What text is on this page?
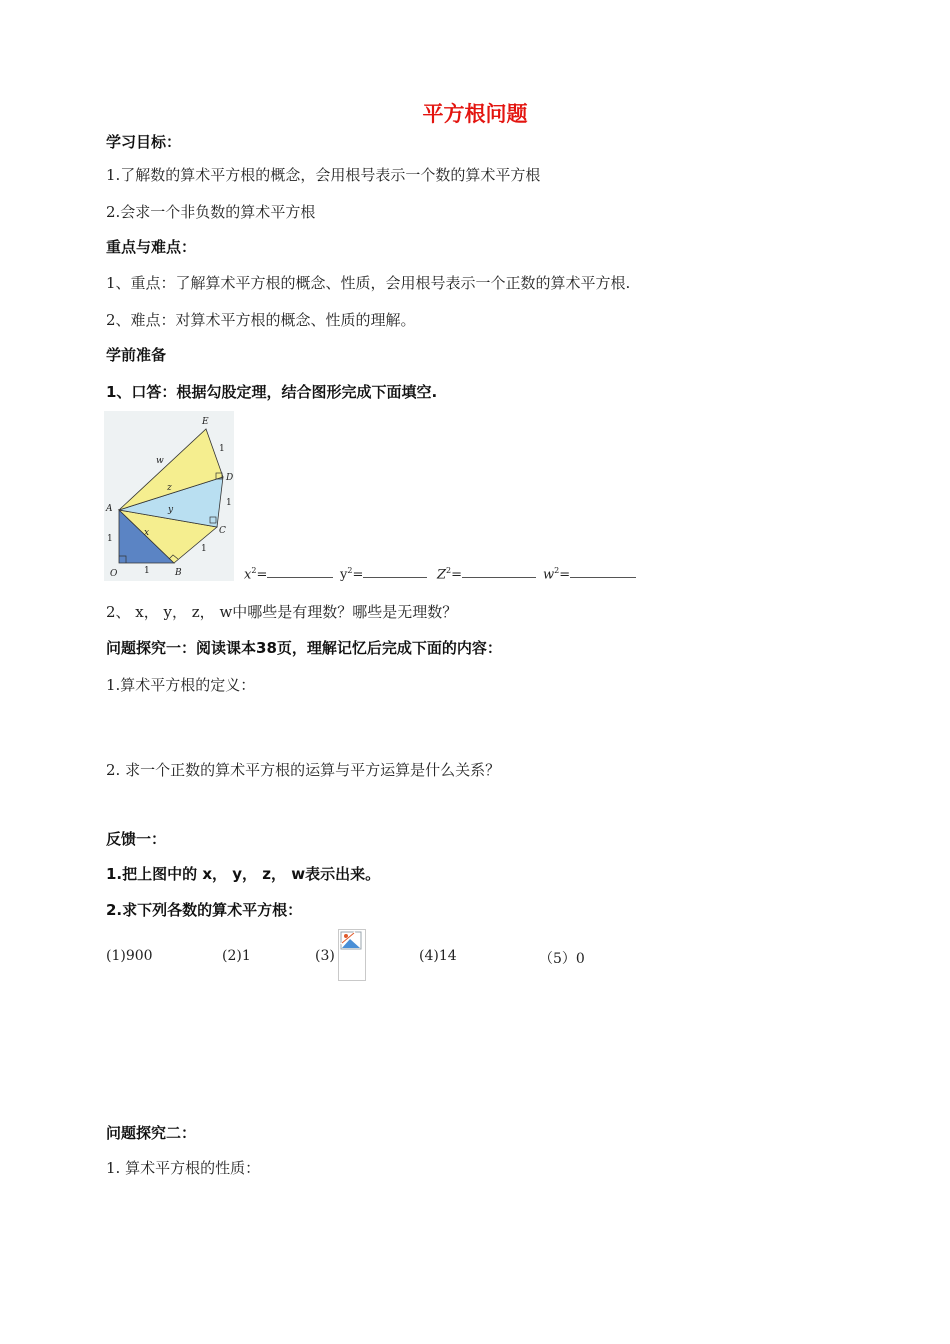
平方根问题
学习目标：
1.了解数的算术平方根的概念，会用根号表示一个数的算术平方根
2.会求一个非负数的算术平方根
重点与难点：
1、重点：了解算术平方根的概念、性质，会用根号表示一个正数的算术平方根.
2、难点：对算术平方根的概念、性质的理解。
学前准备
1、口答：根据勾股定理，结合图形完成下面填空.
E
D
C
A
O	B
w
z
y
x
1
1
1
1
1	$x^2=$	$y^2=$	$Z^2=$	$w^2=$
2、 x， y， z， w中哪些是有理数？哪些是无理数？
问题探究一：阅读课本38页，理解记忆后完成下面的内容：
1.算术平方根的定义：
2. 求一个正数的算术平方根的运算与平方运算是什么关系？
反馈一：
1.把上图中的 x， y， z， w表示出来。
2.求下列各数的算术平方根：
(1)900	(2)1	(3)	(4)14	（5）0
问题探究二：
1. 算术平方根的性质：
